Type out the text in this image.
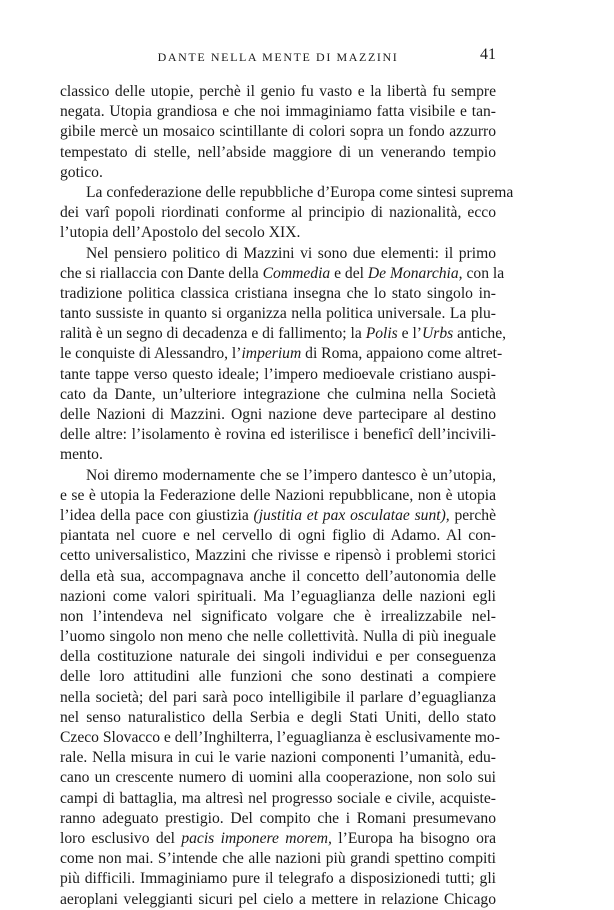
DANTE NELLA MENTE DI MAZZINI	41
classico delle utopie, perchè il genio fu vasto e la libertà fu sempre
negata. Utopia grandiosa e che noi immaginiamo fatta visibile e tan-
gibile mercè un mosaico scintillante di colori sopra un fondo azzurro
tempestato di stelle, nell’abside maggiore di un venerando tempio
gotico.
La confederazione delle repubbliche d’Europa come sintesi suprema
dei varî popoli riordinati conforme al principio di nazionalità, ecco
l’utopia dell’Apostolo del secolo XIX.
Nel pensiero politico di Mazzini vi sono due elementi: il primo
che si riallaccia con Dante della Commedia e del De Monarchia, con la
tradizione politica classica cristiana insegna che lo stato singolo in-
tanto sussiste in quanto si organizza nella politica universale. La plu-
ralità è un segno di decadenza e di fallimento; la Polis e l’Urbs antiche,
le conquiste di Alessandro, l’imperium di Roma, appaiono come altret-
tante tappe verso questo ideale; l’impero medioevale cristiano auspi-
cato da Dante, un’ulteriore integrazione che culmina nella Società
delle Nazioni di Mazzini. Ogni nazione deve partecipare al destino
delle altre: l’isolamento è rovina ed isterilisce i beneficî dell’incivili-
mento.
Noi diremo modernamente che se l’impero dantesco è un’utopia,
e se è utopia la Federazione delle Nazioni repubblicane, non è utopia
l’idea della pace con giustizia (justitia et pax osculatae sunt), perchè
piantata nel cuore e nel cervello di ogni figlio di Adamo. Al con-
cetto universalistico, Mazzini che rivisse e ripensò i problemi storici
della età sua, accompagnava anche il concetto dell’autonomia delle
nazioni come valori spirituali. Ma l’eguaglianza delle nazioni egli
non l’intendeva nel significato volgare che è irrealizzabile nel-
l’uomo singolo non meno che nelle collettività. Nulla di più ineguale
della costituzione naturale dei singoli individui e per conseguenza
delle loro attitudini alle funzioni che sono destinati a compiere
nella società; del pari sarà poco intelligibile il parlare d’eguaglianza
nel senso naturalistico della Serbia e degli Stati Uniti, dello stato
Czeco Slovacco e dell’Inghilterra, l’eguaglianza è esclusivamente mo-
rale. Nella misura in cui le varie nazioni componenti l’umanità, edu-
cano un crescente numero di uomini alla cooperazione, non solo sui
campi di battaglia, ma altresì nel progresso sociale e civile, acquiste-
ranno adeguato prestigio. Del compito che i Romani presumevano
loro esclusivo del pacis imponere morem, l’Europa ha bisogno ora
come non mai. S’intende che alle nazioni più grandi spettino compiti
più difficili. Immaginiamo pure il telegrafo a disposizionedi tutti; gli
aeroplani veleggianti sicuri pel cielo a mettere in relazione Chicago
